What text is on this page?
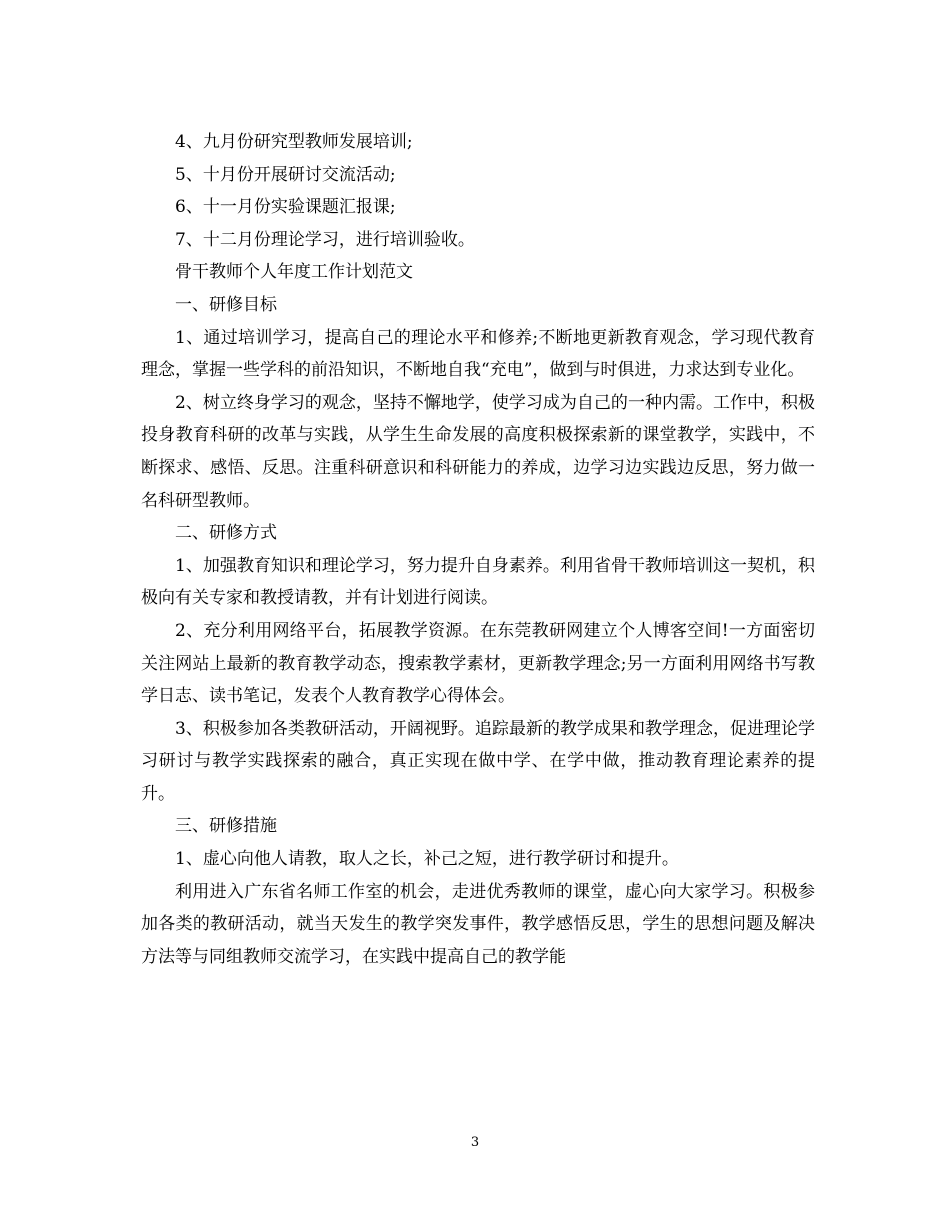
4、九月份研究型教师发展培训;

5、十月份开展研讨交流活动;

6、十一月份实验课题汇报课;

7、十二月份理论学习，进行培训验收。

骨干教师个人年度工作计划范文

一、研修目标

1、通过培训学习，提高自己的理论水平和修养;不断地更新教育观念，学习现代教育理念，掌握一些学科的前沿知识，不断地自我“充电”，做到与时俱进，力求达到专业化。

2、树立终身学习的观念，坚持不懈地学，使学习成为自己的一种内需。工作中，积极投身教育科研的改革与实践，从学生生命发展的高度积极探索新的课堂教学，实践中，不断探求、感悟、反思。注重科研意识和科研能力的养成，边学习边实践边反思，努力做一名科研型教师。

二、研修方式

1、加强教育知识和理论学习，努力提升自身素养。利用省骨干教师培训这一契机，积极向有关专家和教授请教，并有计划进行阅读。

2、充分利用网络平台，拓展教学资源。在东莞教研网建立个人博客空间!一方面密切关注网站上最新的教育教学动态，搜索教学素材，更新教学理念;另一方面利用网络书写教学日志、读书笔记，发表个人教育教学心得体会。

3、积极参加各类教研活动，开阔视野。追踪最新的教学成果和教学理念，促进理论学习研讨与教学实践探索的融合，真正实现在做中学、在学中做，推动教育理论素养的提升。

三、研修措施

1、虚心向他人请教，取人之长，补己之短，进行教学研讨和提升。

利用进入广东省名师工作室的机会，走进优秀教师的课堂，虚心向大家学习。积极参加各类的教研活动，就当天发生的教学突发事件，教学感悟反思，学生的思想问题及解决方法等与同组教师交流学习，在实践中提高自己的教学能

3
